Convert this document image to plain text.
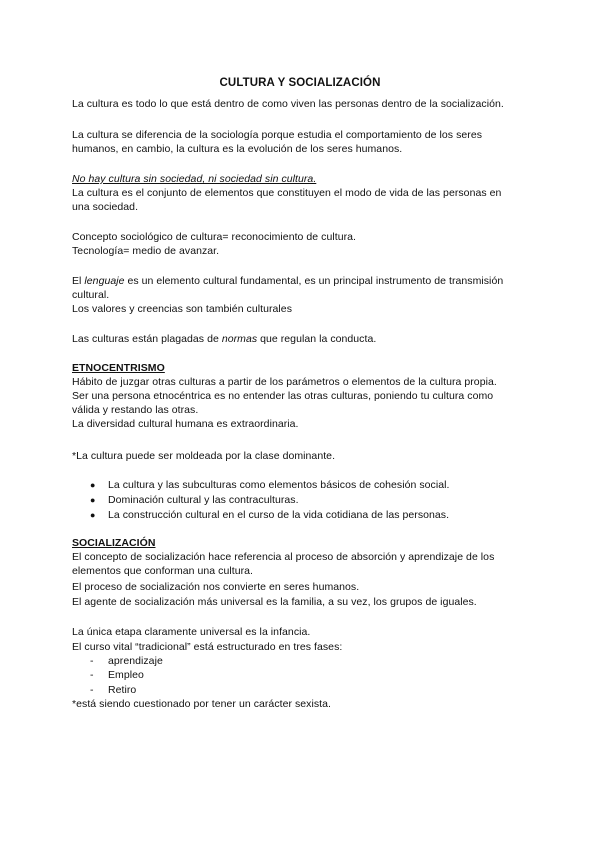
CULTURA Y SOCIALIZACIÓN
La cultura es todo lo que está dentro de como viven las personas dentro de la socialización.
La cultura se diferencia de la sociología porque estudia el comportamiento de los seres
humanos, en cambio, la cultura es la evolución de los seres humanos.
No hay cultura sin sociedad, ni sociedad sin cultura.
La cultura es el conjunto de elementos que constituyen el modo de vida de las personas en
una sociedad.
Concepto sociológico de cultura= reconocimiento de cultura.
Tecnología= medio de avanzar.
El lenguaje es un elemento cultural fundamental, es un principal instrumento de transmisión
cultural.
Los valores y creencias son también culturales
Las culturas están plagadas de normas que regulan la conducta.
ETNOCENTRISMO
Hábito de juzgar otras culturas a partir de los parámetros o elementos de la cultura propia.
Ser una persona etnocéntrica es no entender las otras culturas, poniendo tu cultura como
válida y restando las otras.
La diversidad cultural humana es extraordinaria.
*La cultura puede ser moldeada por la clase dominante.
● La cultura y las subculturas como elementos básicos de cohesión social.
● Dominación cultural y las contraculturas.
● La construcción cultural en el curso de la vida cotidiana de las personas.
SOCIALIZACIÓN
El concepto de socialización hace referencia al proceso de absorción y aprendizaje de los
elementos que conforman una cultura.
El proceso de socialización nos convierte en seres humanos.
El agente de socialización más universal es la familia, a su vez, los grupos de iguales.
La única etapa claramente universal es la infancia.
El curso vital “tradicional” está estructurado en tres fases:
- aprendizaje
- Empleo
- Retiro
*está siendo cuestionado por tener un carácter sexista.
